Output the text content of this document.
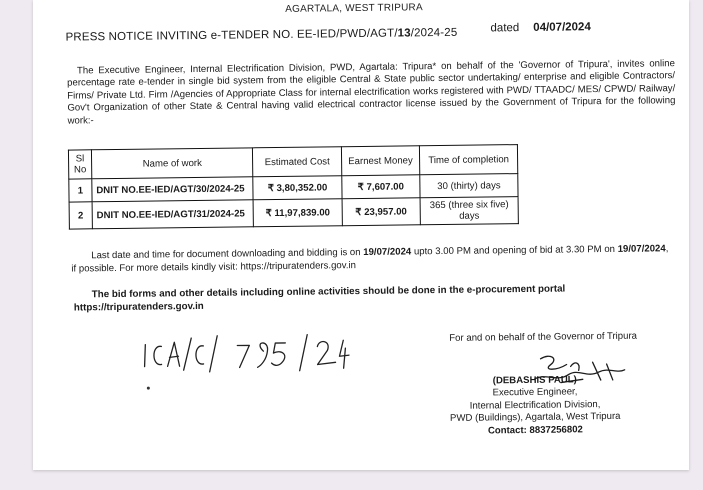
AGARTALA, WEST TRIPURA
PRESS NOTICE INVITING e-TENDER NO. EE-IED/PWD/AGT/13/2024-25	dated 04/07/2024
The Executive Engineer, Internal Electrification Division, PWD, Agartala: Tripura* on behalf of the 'Governor of Tripura', invites online percentage rate e-tender in single bid system from the eligible Central & State public sector undertaking/ enterprise and eligible Contractors/ Firms/ Private Ltd. Firm /Agencies of Appropriate Class for internal electrification works registered with PWD/ TTAADC/ MES/ CPWD/ Railway/ Gov't Organization of other State & Central having valid electrical contractor license issued by the Government of Tripura for the following work:-
Sl No	Name of work	Estimated Cost	Earnest Money	Time of completion
1	DNIT NO.EE-IED/AGT/30/2024-25	₹ 3,80,352.00	₹ 7,607.00	30 (thirty) days
2	DNIT NO.EE-IED/AGT/31/2024-25	₹ 11,97,839.00	₹ 23,957.00	365 (three six five) days
Last date and time for document downloading and bidding is on 19/07/2024 upto 3.00 PM and opening of bid at 3.30 PM on 19/07/2024, if possible. For more details kindly visit: https://tripuratenders.gov.in
The bid forms and other details including online activities should be done in the e-procurement portal https://tripuratenders.gov.in
For and on behalf of the Governor of Tripura
(DEBASHIS PAUL)
Executive Engineer,
Internal Electrification Division,
PWD (Buildings), Agartala, West Tripura
Contact: 8837256802
